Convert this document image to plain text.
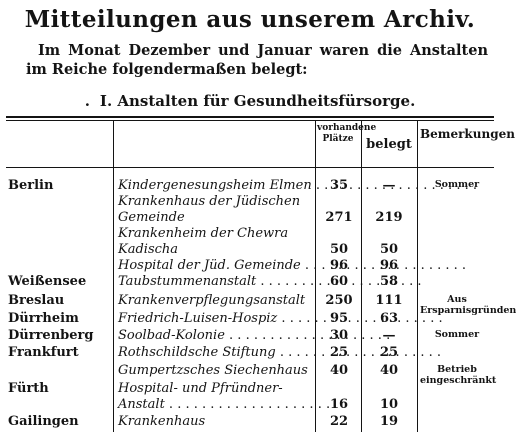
Mitteilungen aus unserem Archiv.
Im Monat Dezember und Januar waren die Anstalten im Reiche folgendermaßen belegt:
. I. Anstalten für Gesundheitsfürsorge.
vorhandene Plätze belegt
Bemerkungen
Berlin	Kindergenesungsheim Elmen . . .	35	—	Sommer
Krankenhaus der Jüdischen
Gemeinde	271	219
Krankenheim der Chewra
Kadischa	50	50
Hospital der Jüd. Gemeinde . . .	96	96
Weißensee Taubstummenanstalt . . .	60	58
Breslau	Krankenverpflegungsanstalt	250	111	Aus Ersparnisgründen
Dürrheim	Friedrich-Luisen-Hospiz . . .	95	63
Dürrenberg Soolbad-Kolonie . . .	30	—	Sommer
Frankfurt	Rothschildsche Stiftung . . .	25	25
Gumpertzsches Siechenhaus	40	40	Betrieb eingeschränkt
Fürth	Hospital- und Pfründner-
Anstalt . . .	16	10
Gailingen	Krankenhaus	22	19
